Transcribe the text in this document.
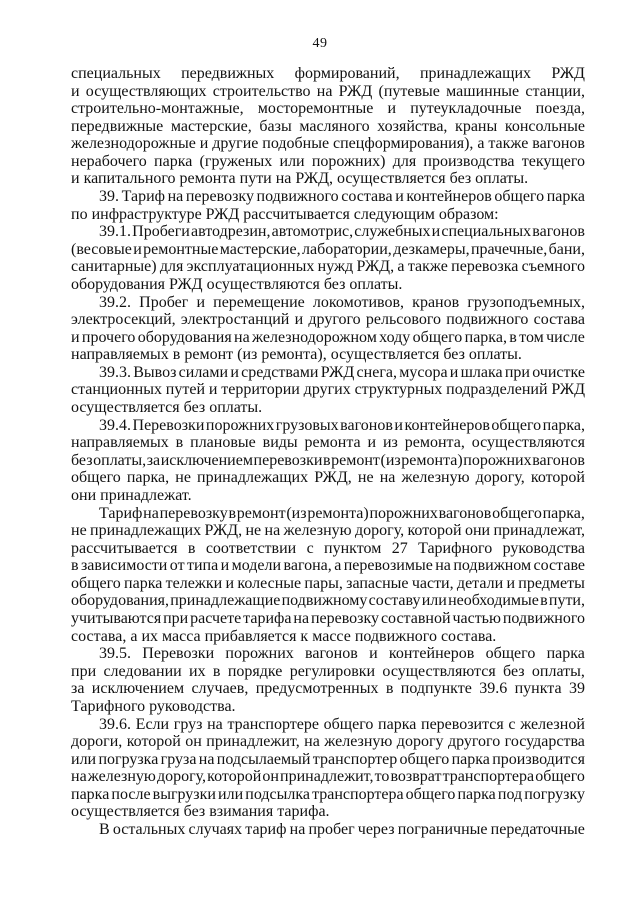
49
специальных передвижных формирований, принадлежащих РЖД
и осуществляющих строительство на РЖД (путевые машинные станции,
строительно-монтажные, мосторемонтные и путеукладочные поезда,
передвижные мастерские, базы масляного хозяйства, краны консольные
железнодорожные и другие подобные спецформирования), а также вагонов
нерабочего парка (груженых или порожних) для производства текущего
и капитального ремонта пути на РЖД, осуществляется без оплаты.
39. Тариф на перевозку подвижного состава и контейнеров общего парка
по инфраструктуре РЖД рассчитывается следующим образом:
39.1. Пробеги автодрезин, автомотрис, служебных и специальных вагонов
(весовые и ремонтные мастерские, лаборатории, дезкамеры, прачечные, бани,
санитарные) для эксплуатационных нужд РЖД, а также перевозка съемного
оборудования РЖД осуществляются без оплаты.
39.2. Пробег и перемещение локомотивов, кранов грузоподъемных,
электросекций, электростанций и другого рельсового подвижного состава
и прочего оборудования на железнодорожном ходу общего парка, в том числе
направляемых в ремонт (из ремонта), осуществляется без оплаты.
39.3. Вывоз силами и средствами РЖД снега, мусора и шлака при очистке
станционных путей и территории других структурных подразделений РЖД
осуществляется без оплаты.
39.4. Перевозки порожних грузовых вагонов и контейнеров общего парка,
направляемых в плановые виды ремонта и из ремонта, осуществляются
без оплаты, за исключением перевозки в ремонт (из ремонта) порожних вагонов
общего парка, не принадлежащих РЖД, не на железную дорогу, которой
они принадлежат.
Тариф на перевозку в ремонт (из ремонта) порожних вагонов общего парка,
не принадлежащих РЖД, не на железную дорогу, которой они принадлежат,
рассчитывается в соответствии с пунктом 27 Тарифного руководства
в зависимости от типа и модели вагона, а перевозимые на подвижном составе
общего парка тележки и колесные пары, запасные части, детали и предметы
оборудования, принадлежащие подвижному составу или необходимые в пути,
учитываются при расчете тарифа на перевозку составной частью подвижного
состава, а их масса прибавляется к массе подвижного состава.
39.5. Перевозки порожних вагонов и контейнеров общего парка
при следовании их в порядке регулировки осуществляются без оплаты,
за исключением случаев, предусмотренных в подпункте 39.6 пункта 39
Тарифного руководства.
39.6. Если груз на транспортере общего парка перевозится с железной
дороги, которой он принадлежит, на железную дорогу другого государства
или погрузка груза на подсылаемый транспортер общего парка производится
на железную дорогу, которой он принадлежит, то возврат транспортера общего
парка после выгрузки или подсылка транспортера общего парка под погрузку
осуществляется без взимания тарифа.
В остальных случаях тариф на пробег через пограничные передаточные
